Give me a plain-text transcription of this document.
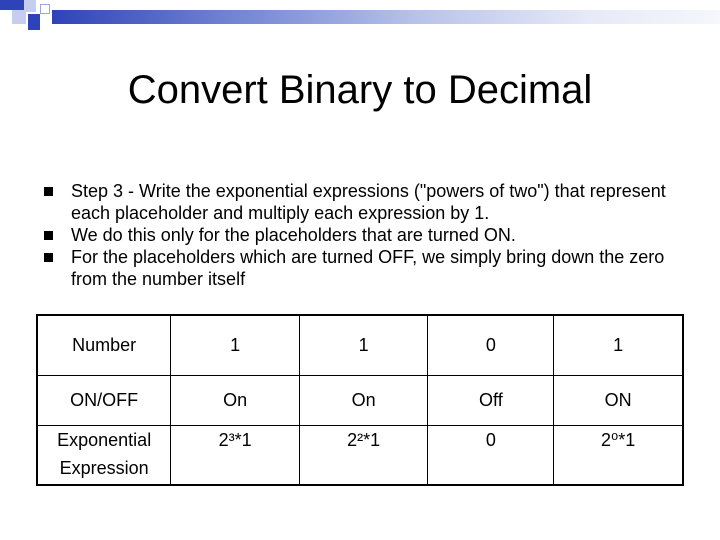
Convert Binary to Decimal
Step 3 - Write the exponential expressions ("powers of two") that represent each placeholder and multiply each expression by 1.
We do this only for the placeholders that are turned ON.
For the placeholders which are turned OFF, we simply bring down the zero from the number itself
Number	1	1	0	1
ON/OFF	On	On	Off	ON
Exponential Expression	2³*1	2²*1	0	2⁰*1
